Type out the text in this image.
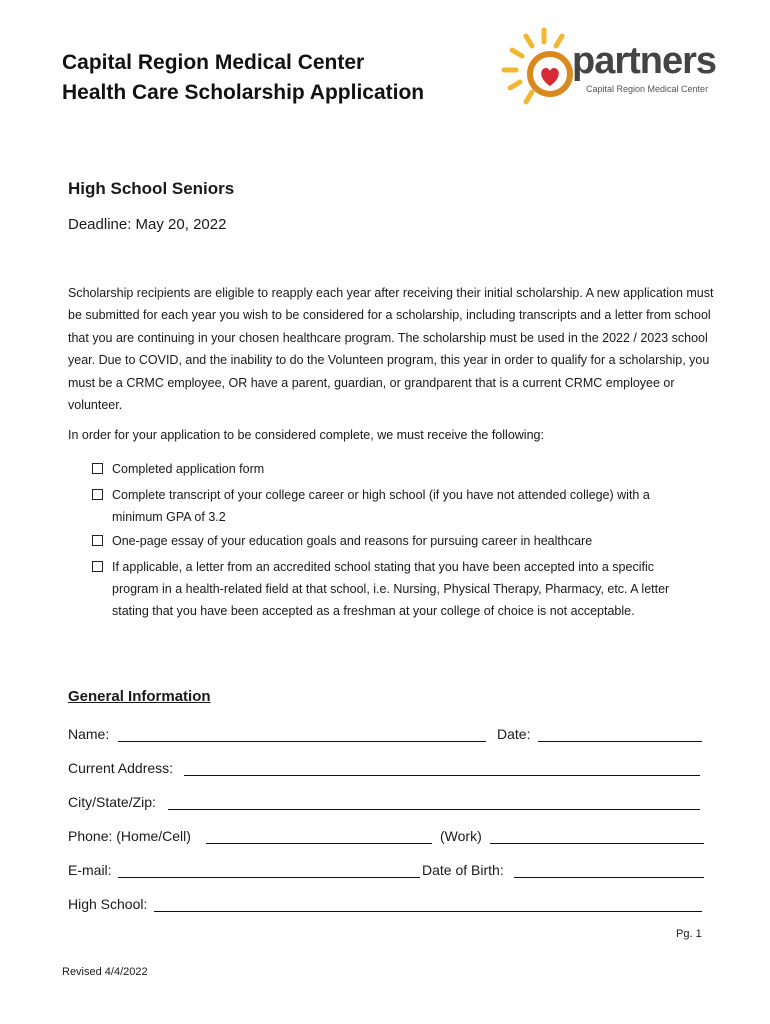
Capital Region Medical Center
Health Care Scholarship Application
partners
Capital Region Medical Center
High School Seniors
Deadline: May 20, 2022
Scholarship recipients are eligible to reapply each year after receiving their initial scholarship. A new application must be submitted for each year you wish to be considered for a scholarship, including transcripts and a letter from school that you are continuing in your chosen healthcare program. The scholarship must be used in the 2022 / 2023 school year. Due to COVID, and the inability to do the Volunteen program, this year in order to qualify for a scholarship, you must be a CRMC employee, OR have a parent, guardian, or grandparent that is a current CRMC employee or volunteer.
In order for your application to be considered complete, we must receive the following:
Completed application form
Complete transcript of your college career or high school (if you have not attended college) with a minimum GPA of 3.2
One-page essay of your education goals and reasons for pursuing career in healthcare
If applicable, a letter from an accredited school stating that you have been accepted into a specific program in a health-related field at that school, i.e. Nursing, Physical Therapy, Pharmacy, etc. A letter stating that you have been accepted as a freshman at your college of choice is not acceptable.
General Information
Name:	Date:
Current Address:
City/State/Zip:
Phone: (Home/Cell)	(Work)
E-mail:	Date of Birth:
High School:
Pg. 1
Revised 4/4/2022
